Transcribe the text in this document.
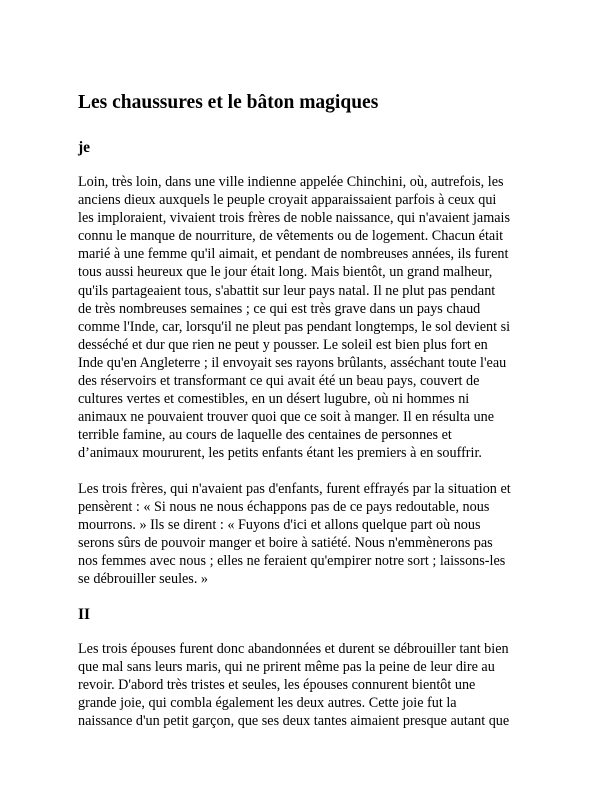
Les chaussures et le bâton magiques
je

Loin, très loin, dans une ville indienne appelée Chinchini, où, autrefois, les
anciens dieux auxquels le peuple croyait apparaissaient parfois à ceux qui
les imploraient, vivaient trois frères de noble naissance, qui n'avaient jamais
connu le manque de nourriture, de vêtements ou de logement. Chacun était
marié à une femme qu'il aimait, et pendant de nombreuses années, ils furent
tous aussi heureux que le jour était long. Mais bientôt, un grand malheur,
qu'ils partageaient tous, s'abattit sur leur pays natal. Il ne plut pas pendant
de très nombreuses semaines ; ce qui est très grave dans un pays chaud
comme l'Inde, car, lorsqu'il ne pleut pas pendant longtemps, le sol devient si
desséché et dur que rien ne peut y pousser. Le soleil est bien plus fort en
Inde qu'en Angleterre ; il envoyait ses rayons brûlants, asséchant toute l'eau
des réservoirs et transformant ce qui avait été un beau pays, couvert de
cultures vertes et comestibles, en un désert lugubre, où ni hommes ni
animaux ne pouvaient trouver quoi que ce soit à manger. Il en résulta une
terrible famine, au cours de laquelle des centaines de personnes et
d’animaux moururent, les petits enfants étant les premiers à en souffrir.

Les trois frères, qui n'avaient pas d'enfants, furent effrayés par la situation et
pensèrent : « Si nous ne nous échappons pas de ce pays redoutable, nous
mourrons. » Ils se dirent : « Fuyons d'ici et allons quelque part où nous
serons sûrs de pouvoir manger et boire à satiété. Nous n'emmènerons pas
nos femmes avec nous ; elles ne feraient qu'empirer notre sort ; laissons-les
se débrouiller seules. »

II

Les trois épouses furent donc abandonnées et durent se débrouiller tant bien
que mal sans leurs maris, qui ne prirent même pas la peine de leur dire au
revoir. D'abord très tristes et seules, les épouses connurent bientôt une
grande joie, qui combla également les deux autres. Cette joie fut la
naissance d'un petit garçon, que ses deux tantes aimaient presque autant que
